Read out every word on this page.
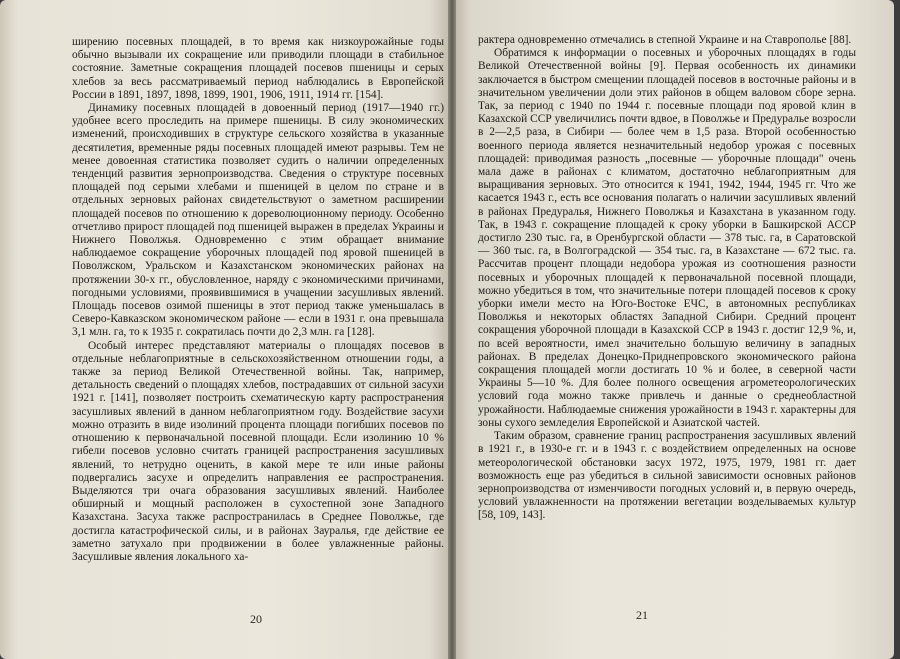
ширению посевных площадей, в то время как низкоурожайные годы обычно вызывали их сокращение или приводили площади в стабильное состояние. Заметные сокращения площадей посевов пшеницы и серых хлебов за весь рассматриваемый период наблюдались в Европейской России в 1891, 1897, 1898, 1899, 1901, 1906, 1911, 1914 гг. [154].

Динамику посевных площадей в довоенный период (1917—1940 гг.) удобнее всего проследить на примере пшеницы. В силу экономических изменений, происходивших в структуре сельского хозяйства в указанные десятилетия, временные ряды посевных площадей имеют разрывы. Тем не менее довоенная статистика позволяет судить о наличии определенных тенденций развития зернопроизводства. Сведения о структуре посевных площадей под серыми хлебами и пшеницей в целом по стране и в отдельных зерновых районах свидетельствуют о заметном расширении площадей посевов по отношению к дореволюционному периоду. Особенно отчетливо прирост площадей под пшеницей выражен в пределах Украины и Нижнего Поволжья. Одновременно с этим обращает внимание наблюдаемое сокращение уборочных площадей под яровой пшеницей в Поволжском, Уральском и Казахстанском экономических районах на протяжении 30-х гг., обусловленное, наряду с экономическими причинами, погодными условиями, проявившимися в учащении засушливых явлений. Площадь посевов озимой пшеницы в этот период также уменьшалась в Северо-Кавказском экономическом районе — если в 1931 г. она превышала 3,1 млн. га, то к 1935 г. сократилась почти до 2,3 млн. га [128].

Особый интерес представляют материалы о площадях посевов в отдельные неблагоприятные в сельскохозяйственном отношении годы, а также за период Великой Отечественной войны. Так, например, детальность сведений о площадях хлебов, пострадавших от сильной засухи 1921 г. [141], позволяет построить схематическую карту распространения засушливых явлений в данном неблагоприятном году. Воздействие засухи можно отразить в виде изолиний процента площади погибших посевов по отношению к первоначальной посевной площади. Если изолинию 10 % гибели посевов условно считать границей распространения засушливых явлений, то нетрудно оценить, в какой мере те или иные районы подвергались засухе и определить направления ее распространения. Выделяются три очага образования засушливых явлений. Наиболее обширный и мощный расположен в сухостепной зоне Западного Казахстана. Засуха также распространилась в Среднее Поволжье, где достигла катастрофической силы, и в районах Зауралья, где действие ее заметно затухало при продвижении в более увлажненные районы. Засушливые явления локального ха-

20

рактера одновременно отмечались в степной Украине и на Ставрополье [88].

Обратимся к информации о посевных и уборочных площадях в годы Великой Отечественной войны [9]. Первая особенность их динамики заключается в быстром смещении площадей посевов в восточные районы и в значительном увеличении доли этих районов в общем валовом сборе зерна. Так, за период с 1940 по 1944 г. посевные площади под яровой клин в Казахской ССР увеличились почти вдвое, в Поволжье и Предуралье возросли в 2—2,5 раза, в Сибири — более чем в 1,5 раза. Второй особенностью военного периода является незначительный недобор урожая с посевных площадей: приводимая разность „посевные — уборочные площади" очень мала даже в районах с климатом, достаточно неблагоприятным для выращивания зерновых. Это относится к 1941, 1942, 1944, 1945 гг. Что же касается 1943 г., есть все основания полагать о наличии засушливых явлений в районах Предуралья, Нижнего Поволжья и Казахстана в указанном году. Так, в 1943 г. сокращение площадей к сроку уборки в Башкирской АССР достигло 230 тыс. га, в Оренбургской области — 378 тыс. га, в Саратовской — 360 тыс. га, в Волгоградской — 354 тыс. га, в Казахстане — 672 тыс. га. Рассчитав процент площади недобора урожая из соотношения разности посевных и уборочных площадей к первоначальной посевной площади, можно убедиться в том, что значительные потери площадей посевов к сроку уборки имели место на Юго-Востоке ЕЧС, в автономных республиках Поволжья и некоторых областях Западной Сибири. Средний процент сокращения уборочной площади в Казахской ССР в 1943 г. достиг 12,9 %, и, по всей вероятности, имел значительно большую величину в западных районах. В пределах Донецко-Приднепровского экономического района сокращения площадей могли достигать 10 % и более, в северной части Украины 5—10 %. Для более полного освещения агрометеорологических условий года можно также привлечь и данные о среднеобластной урожайности. Наблюдаемые снижения урожайности в 1943 г. характерны для зоны сухого земледелия Европейской и Азиатской частей.

Таким образом, сравнение границ распространения засушливых явлений в 1921 г., в 1930-е гг. и в 1943 г. с воздействием определенных на основе метеорологической обстановки засух 1972, 1975, 1979, 1981 гг. дает возможность еще раз убедиться в сильной зависимости основных районов зернопроизводства от изменчивости погодных условий и, в первую очередь, условий увлажненности на протяжении вегетации возделываемых культур [58, 109, 143].

21
